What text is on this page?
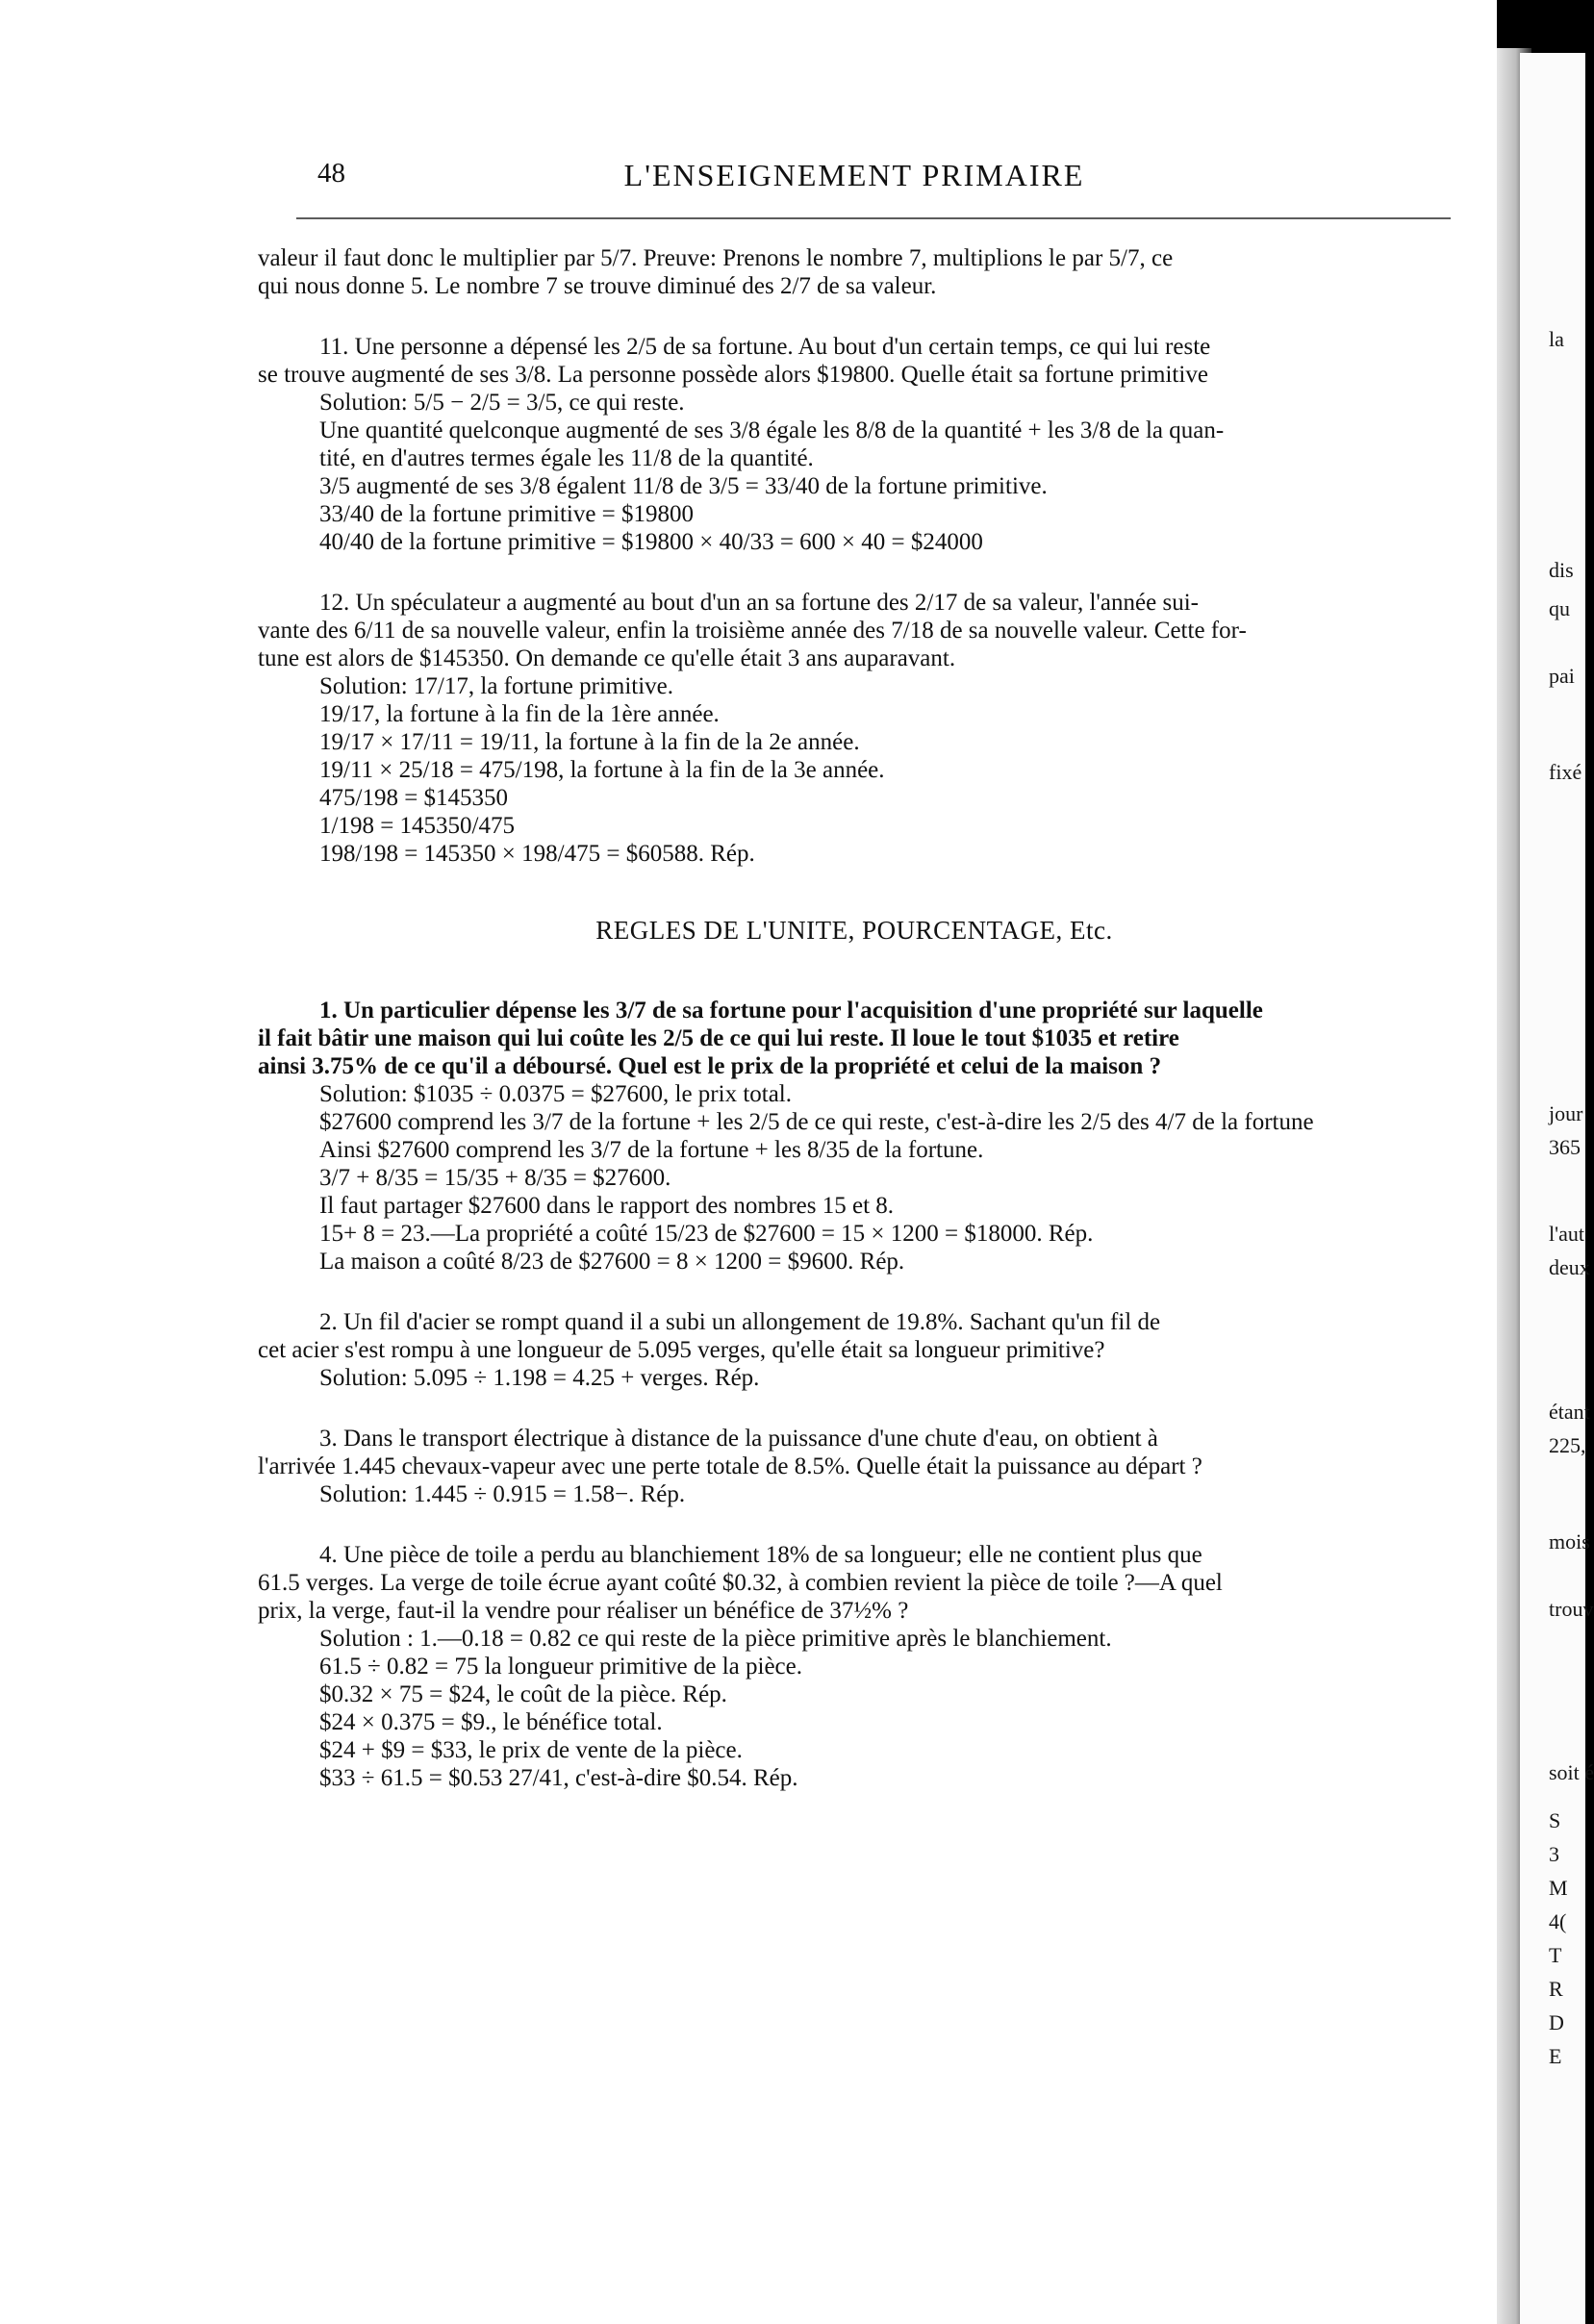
48	L'ENSEIGNEMENT PRIMAIRE

valeur il faut donc le multiplier par 5/7. Preuve: Prenons le nombre 7, multiplions le par 5/7, ce

qui nous donne 5. Le nombre 7 se trouve diminué des 2/7 de sa valeur.

11. Une personne a dépensé les 2/5 de sa fortune. Au bout d'un certain temps, ce qui lui reste

se trouve augmenté de ses 3/8. La personne possède alors $19800. Quelle était sa fortune primitive

Solution: 5/5 − 2/5 = 3/5, ce qui reste.

Une quantité quelconque augmenté de ses 3/8 égale les 8/8 de la quantité + les 3/8 de la quan-

tité, en d'autres termes égale les 11/8 de la quantité.

3/5 augmenté de ses 3/8 égalent 11/8 de 3/5 = 33/40 de la fortune primitive.

33/40 de la fortune primitive = $19800

40/40 de la fortune primitive = $19800 × 40/33 = 600 × 40 = $24000

12. Un spéculateur a augmenté au bout d'un an sa fortune des 2/17 de sa valeur, l'année sui-

vante des 6/11 de sa nouvelle valeur, enfin la troisième année des 7/18 de sa nouvelle valeur. Cette for-

tune est alors de $145350. On demande ce qu'elle était 3 ans auparavant.

Solution: 17/17, la fortune primitive.

19/17, la fortune à la fin de la 1ère année.

19/17 × 17/11 = 19/11, la fortune à la fin de la 2e année.

19/11 × 25/18 = 475/198, la fortune à la fin de la 3e année.

475/198 = $145350

1/198 = 145350/475

198/198 = 145350 × 198/475 = $60588. Rép.

REGLES DE L'UNITE, POURCENTAGE, Etc.

1. Un particulier dépense les 3/7 de sa fortune pour l'acquisition d'une propriété sur laquelle

il fait bâtir une maison qui lui coûte les 2/5 de ce qui lui reste. Il loue le tout $1035 et retire

ainsi 3.75% de ce qu'il a déboursé. Quel est le prix de la propriété et celui de la maison ?

Solution: $1035 ÷ 0.0375 = $27600, le prix total.

$27600 comprend les 3/7 de la fortune + les 2/5 de ce qui reste, c'est-à-dire les 2/5 des 4/7 de la fortune

Ainsi $27600 comprend les 3/7 de la fortune + les 8/35 de la fortune.

3/7 + 8/35 = 15/35 + 8/35 = $27600.

Il faut partager $27600 dans le rapport des nombres 15 et 8.

15+ 8 = 23.—La propriété a coûté 15/23 de $27600 = 15 × 1200 = $18000. Rép.

La maison a coûté 8/23 de $27600 = 8 × 1200 = $9600. Rép.

2. Un fil d'acier se rompt quand il a subi un allongement de 19.8%. Sachant qu'un fil de

cet acier s'est rompu à une longueur de 5.095 verges, qu'elle était sa longueur primitive?

Solution: 5.095 ÷ 1.198 = 4.25 + verges. Rép.

3. Dans le transport électrique à distance de la puissance d'une chute d'eau, on obtient à

l'arrivée 1.445 chevaux-vapeur avec une perte totale de 8.5%. Quelle était la puissance au départ ?

Solution: 1.445 ÷ 0.915 = 1.58−. Rép.

4. Une pièce de toile a perdu au blanchiement 18% de sa longueur; elle ne contient plus que

61.5 verges. La verge de toile écrue ayant coûté $0.32, à combien revient la pièce de toile ?—A quel

prix, la verge, faut-il la vendre pour réaliser un bénéfice de 37½% ?

Solution : 1.—0.18 = 0.82 ce qui reste de la pièce primitive après le blanchiement.

61.5 ÷ 0.82 = 75 la longueur primitive de la pièce.

$0.32 × 75 = $24, le coût de la pièce. Rép.

$24 × 0.375 = $9., le bénéfice total.

$24 + $9 = $33, le prix de vente de la pièce.

$33 ÷ 61.5 = $0.53 27/41, c'est-à-dire $0.54. Rép.

la
dis
qu
pai
fixé
jour
365
l'aut
deux
étant
225,
mois
trouv
soit é
S
3
M
4(
T
R
D
E
